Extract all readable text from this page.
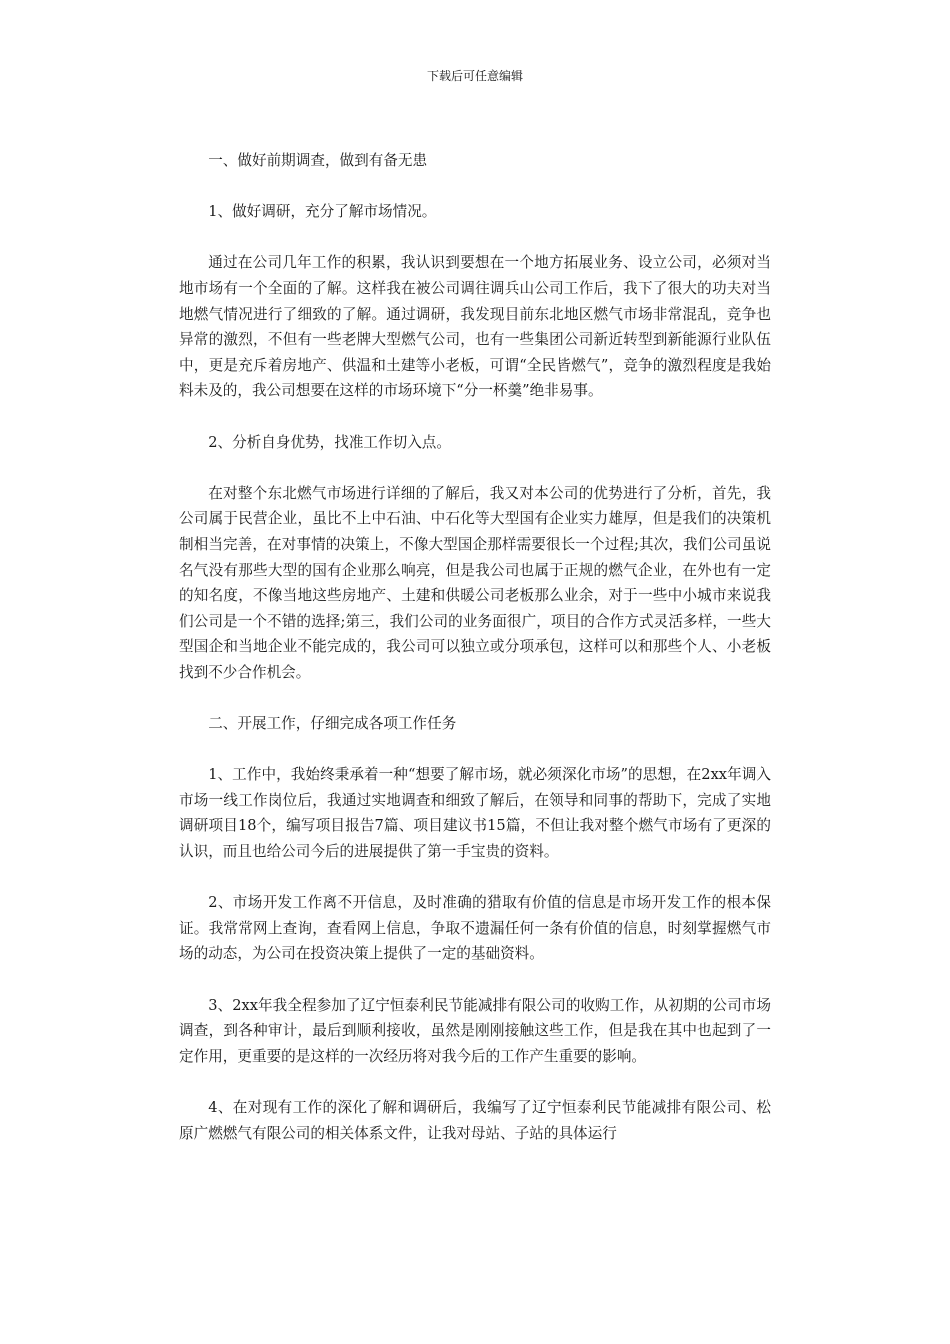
下载后可任意编辑

一、做好前期调查，做到有备无患

1、做好调研，充分了解市场情况。

通过在公司几年工作的积累，我认识到要想在一个地方拓展业务、设立公司，必须对当地市场有一个全面的了解。这样我在被公司调往调兵山公司工作后，我下了很大的功夫对当地燃气情况进行了细致的了解。通过调研，我发现目前东北地区燃气市场非常混乱，竞争也异常的激烈，不但有一些老牌大型燃气公司，也有一些集团公司新近转型到新能源行业队伍中，更是充斥着房地产、供温和土建等小老板，可谓“全民皆燃气”，竞争的激烈程度是我始料未及的，我公司想要在这样的市场环境下“分一杯羹”绝非易事。

2、分析自身优势，找准工作切入点。

在对整个东北燃气市场进行详细的了解后，我又对本公司的优势进行了分析，首先，我公司属于民营企业，虽比不上中石油、中石化等大型国有企业实力雄厚，但是我们的决策机制相当完善，在对事情的决策上，不像大型国企那样需要很长一个过程;其次，我们公司虽说名气没有那些大型的国有企业那么响亮，但是我公司也属于正规的燃气企业，在外也有一定的知名度，不像当地这些房地产、土建和供暖公司老板那么业余，对于一些中小城市来说我们公司是一个不错的选择;第三，我们公司的业务面很广，项目的合作方式灵活多样，一些大型国企和当地企业不能完成的，我公司可以独立或分项承包，这样可以和那些个人、小老板找到不少合作机会。

二、开展工作，仔细完成各项工作任务

1、工作中，我始终秉承着一种“想要了解市场，就必须深化市场”的思想，在2xx年调入市场一线工作岗位后，我通过实地调查和细致了解后，在领导和同事的帮助下，完成了实地调研项目18个，编写项目报告7篇、项目建议书15篇，不但让我对整个燃气市场有了更深的认识，而且也给公司今后的进展提供了第一手宝贵的资料。

2、市场开发工作离不开信息，及时准确的猎取有价值的信息是市场开发工作的根本保证。我常常网上查询，查看网上信息，争取不遗漏任何一条有价值的信息，时刻掌握燃气市场的动态，为公司在投资决策上提供了一定的基础资料。

3、2xx年我全程参加了辽宁恒泰利民节能减排有限公司的收购工作，从初期的公司市场调查，到各种审计，最后到顺利接收，虽然是刚刚接触这些工作，但是我在其中也起到了一定作用，更重要的是这样的一次经历将对我今后的工作产生重要的影响。

4、在对现有工作的深化了解和调研后，我编写了辽宁恒泰利民节能减排有限公司、松原广燃燃气有限公司的相关体系文件，让我对母站、子站的具体运行
